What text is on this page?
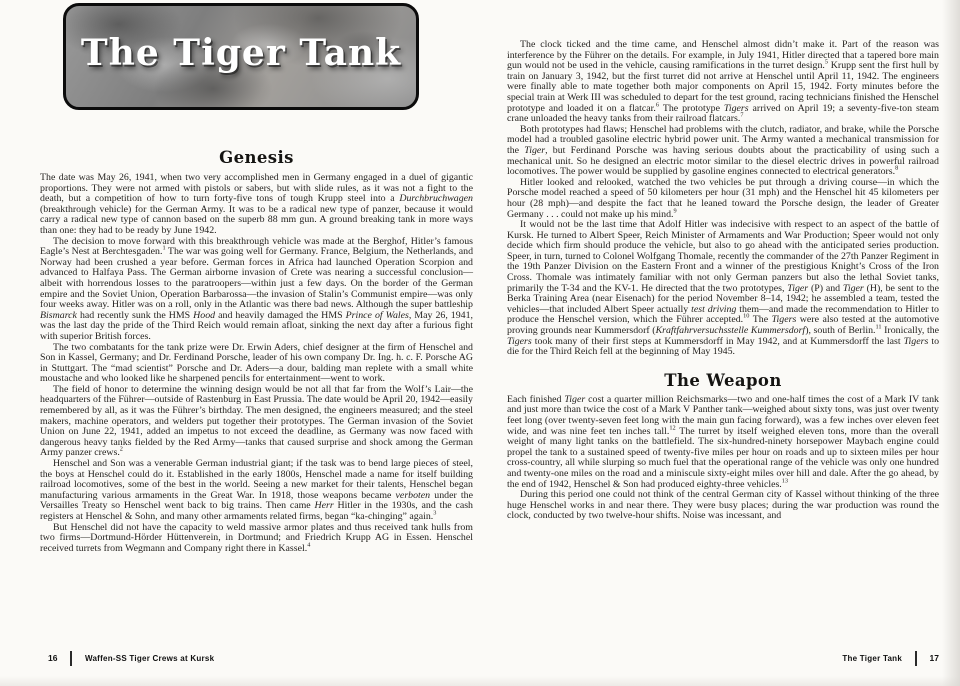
The Tiger Tank
Genesis

The date was May 26, 1941, when two very accomplished men in Germany engaged in a duel of gigantic proportions. They were not armed with pistols or sabers, but with slide rules, as it was not a fight to the death, but a competition of how to turn forty-five tons of tough Krupp steel into a Durchbruchwagen (breakthrough vehicle) for the German Army. It was to be a radical new type of panzer, because it would carry a radical new type of cannon based on the superb 88 mm gun. A ground breaking tank in more ways than one: they had to be ready by June 1942.

The decision to move forward with this breakthrough vehicle was made at the Berghof, Hitler’s famous Eagle’s Nest at Berchtesgaden.$^1$ The war was going well for Germany. France, Belgium, the Netherlands, and Norway had been crushed a year before. German forces in Africa had launched Operation Scorpion and advanced to Halfaya Pass. The German airborne invasion of Crete was nearing a successful conclusion—albeit with horrendous losses to the paratroopers—within just a few days. On the border of the German empire and the Soviet Union, Operation Barbarossa—the invasion of Stalin’s Communist empire—was only four weeks away. Hitler was on a roll, only in the Atlantic was there bad news. Although the super battleship Bismarck had recently sunk the HMS Hood and heavily damaged the HMS Prince of Wales, May 26, 1941, was the last day the pride of the Third Reich would remain afloat, sinking the next day after a furious fight with superior British forces.

The two combatants for the tank prize were Dr. Erwin Aders, chief designer at the firm of Henschel and Son in Kassel, Germany; and Dr. Ferdinand Porsche, leader of his own company Dr. Ing. h. c. F. Porsche AG in Stuttgart. The “mad scientist” Porsche and Dr. Aders—a dour, balding man replete with a small white moustache and who looked like he sharpened pencils for entertainment—went to work.

The field of honor to determine the winning design would be not all that far from the Wolf’s Lair—the headquarters of the Führer—outside of Rastenburg in East Prussia. The date would be April 20, 1942—easily remembered by all, as it was the Führer’s birthday. The men designed, the engineers measured; and the steel makers, machine operators, and welders put together their prototypes. The German invasion of the Soviet Union on June 22, 1941, added an impetus to not exceed the deadline, as Germany was now faced with dangerous heavy tanks fielded by the Red Army—tanks that caused surprise and shock among the German Army panzer crews.$^2$

Henschel and Son was a venerable German industrial giant; if the task was to bend large pieces of steel, the boys at Henschel could do it. Established in the early 1800s, Henschel made a name for itself building railroad locomotives, some of the best in the world. Seeing a new market for their talents, Henschel began manufacturing various armaments in the Great War. In 1918, those weapons became verboten under the Versailles Treaty so Henschel went back to big trains. Then came Herr Hitler in the 1930s, and the cash registers at Henschel & Sohn, and many other armaments related firms, began “ka-chinging” again.$^3$

But Henschel did not have the capacity to weld massive armor plates and thus received tank hulls from two firms—Dortmund-Hörder Hüttenverein, in Dortmund; and Friedrich Krupp AG in Essen. Henschel received turrets from Wegmann and Company right there in Kassel.$^4$

16	Waffen-SS Tiger Crews at Kursk

The clock ticked and the time came, and Henschel almost didn’t make it. Part of the reason was interference by the Führer on the details. For example, in July 1941, Hitler directed that a tapered bore main gun would not be used in the vehicle, causing ramifications in the turret design.$^5$ Krupp sent the first hull by train on January 3, 1942, but the first turret did not arrive at Henschel until April 11, 1942. The engineers were finally able to mate together both major components on April 15, 1942. Forty minutes before the special train at Werk III was scheduled to depart for the test ground, racing technicians finished the Henschel prototype and loaded it on a flatcar.$^6$ The prototype Tigers arrived on April 19; a seventy-five-ton steam crane unloaded the heavy tanks from their railroad flatcars.$^7$

Both prototypes had flaws; Henschel had problems with the clutch, radiator, and brake, while the Porsche model had a troubled gasoline electric hybrid power unit. The Army wanted a mechanical transmission for the Tiger, but Ferdinand Porsche was having serious doubts about the practicability of using such a mechanical unit. So he designed an electric motor similar to the diesel electric drives in powerful railroad locomotives. The power would be supplied by gasoline engines connected to electrical generators.$^8$

Hitler looked and relooked, watched the two vehicles be put through a driving course—in which the Porsche model reached a speed of 50 kilometers per hour (31 mph) and the Henschel hit 45 kilometers per hour (28 mph)—and despite the fact that he leaned toward the Porsche design, the leader of Greater Germany . . . could not make up his mind.$^9$

It would not be the last time that Adolf Hitler was indecisive with respect to an aspect of the battle of Kursk. He turned to Albert Speer, Reich Minister of Armaments and War Production; Speer would not only decide which firm should produce the vehicle, but also to go ahead with the anticipated series production. Speer, in turn, turned to Colonel Wolfgang Thomale, recently the commander of the 27th Panzer Regiment in the 19th Panzer Division on the Eastern Front and a winner of the prestigious Knight’s Cross of the Iron Cross. Thomale was intimately familiar with not only German panzers but also the lethal Soviet tanks, primarily the T-34 and the KV-1. He directed that the two prototypes, Tiger (P) and Tiger (H), be sent to the Berka Training Area (near Eisenach) for the period November 8–14, 1942; he assembled a team, tested the vehicles—that included Albert Speer actually test driving them—and made the recommendation to Hitler to produce the Henschel version, which the Führer accepted.$^{10}$ The Tigers were also tested at the automotive proving grounds near Kummersdorf (Kraftfahrversuchsstelle Kummersdorf), south of Berlin.$^{11}$ Ironically, the Tigers took many of their first steps at Kummersdorff in May 1942, and at Kummersdorff the last Tigers to die for the Third Reich fell at the beginning of May 1945.

The Weapon

Each finished Tiger cost a quarter million Reichsmarks—two and one-half times the cost of a Mark IV tank and just more than twice the cost of a Mark V Panther tank—weighed about sixty tons, was just over twenty feet long (over twenty-seven feet long with the main gun facing forward), was a few inches over eleven feet wide, and was nine feet ten inches tall.$^{12}$ The turret by itself weighed eleven tons, more than the overall weight of many light tanks on the battlefield. The six-hundred-ninety horsepower Maybach engine could propel the tank to a sustained speed of twenty-five miles per hour on roads and up to sixteen miles per hour cross-country, all while slurping so much fuel that the operational range of the vehicle was only one hundred and twenty-one miles on the road and a miniscule sixty-eight miles over hill and dale. After the go ahead, by the end of 1942, Henschel & Son had produced eighty-three vehicles.$^{13}$

During this period one could not think of the central German city of Kassel without thinking of the three huge Henschel works in and near there. They were busy places; during the war production was round the clock, conducted by two twelve-hour shifts. Noise was incessant, and

The Tiger Tank	17
